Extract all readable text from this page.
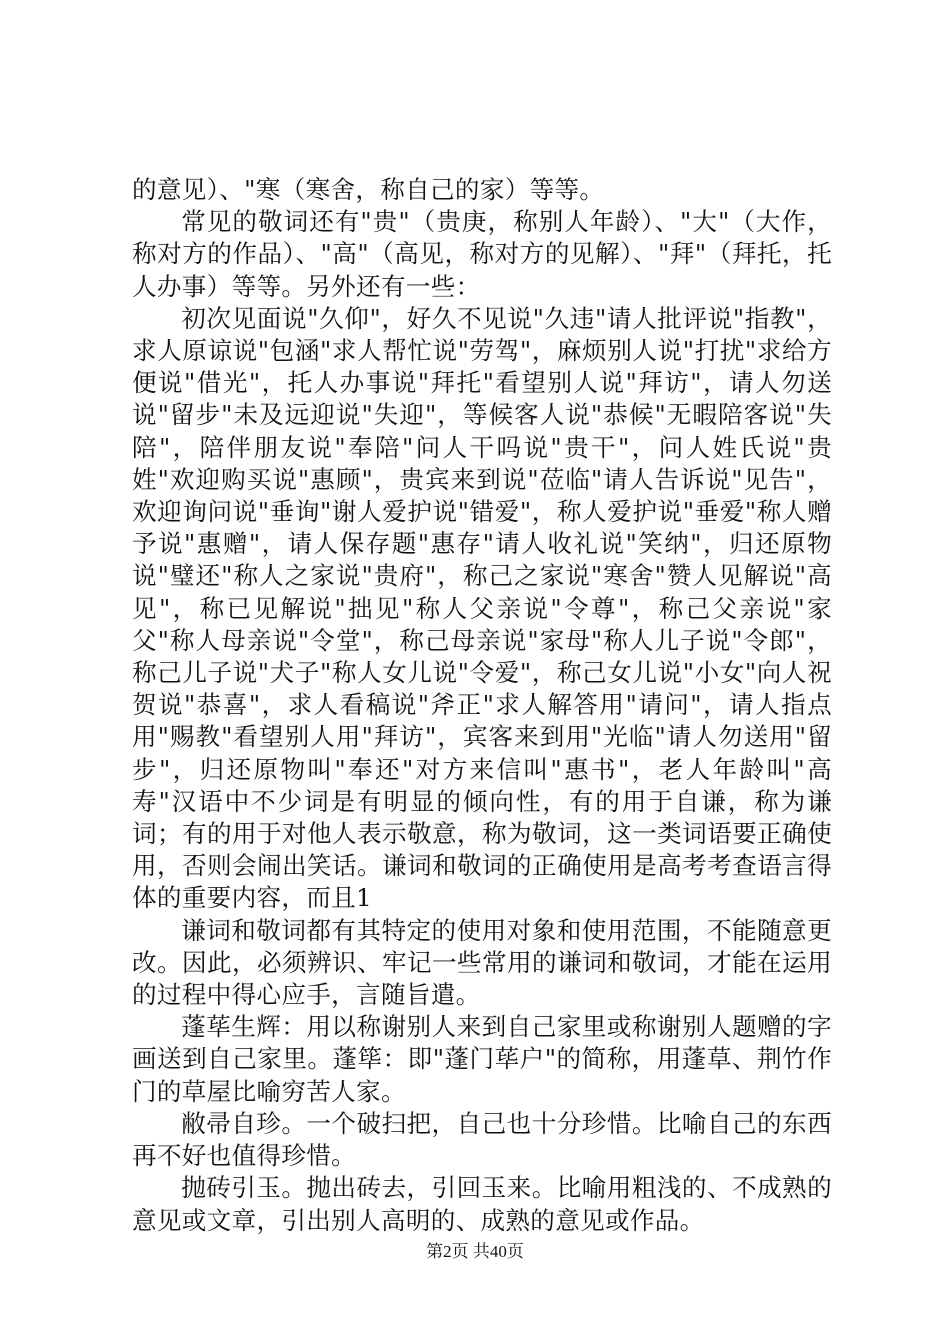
的意见）、"寒（寒舍，称自己的家）等等。

常见的敬词还有"贵"（贵庚，称别人年龄）、"大"（大作，称对方的作品）、"高"（高见，称对方的见解）、"拜"（拜托，托人办事）等等。另外还有一些：

初次见面说"久仰"，好久不见说"久违"请人批评说"指教"，求人原谅说"包涵"求人帮忙说"劳驾"，麻烦别人说"打扰"求给方便说"借光"，托人办事说"拜托"看望别人说"拜访"，请人勿送说"留步"未及远迎说"失迎"，等候客人说"恭候"无暇陪客说"失陪"，陪伴朋友说"奉陪"问人干吗说"贵干"，问人姓氏说"贵姓"欢迎购买说"惠顾"，贵宾来到说"莅临"请人告诉说"见告"，欢迎询问说"垂询"谢人爱护说"错爱"，称人爱护说"垂爱"称人赠予说"惠赠"，请人保存题"惠存"请人收礼说"笑纳"，归还原物说"璧还"称人之家说"贵府"，称己之家说"寒舍"赞人见解说"高见"，称已见解说"拙见"称人父亲说"令尊"，称己父亲说"家父"称人母亲说"令堂"，称己母亲说"家母"称人儿子说"令郎"，称己儿子说"犬子"称人女儿说"令爱"，称己女儿说"小女"向人祝贺说"恭喜"，求人看稿说"斧正"求人解答用"请问"，请人指点用"赐教"看望别人用"拜访"，宾客来到用"光临"请人勿送用"留步"，归还原物叫"奉还"对方来信叫"惠书"，老人年龄叫"高寿"汉语中不少词是有明显的倾向性，有的用于自谦，称为谦词；有的用于对他人表示敬意，称为敬词，这一类词语要正确使用，否则会闹出笑话。谦词和敬词的正确使用是高考考查语言得体的重要内容，而且1

谦词和敬词都有其特定的使用对象和使用范围，不能随意更改。因此，必须辨识、牢记一些常用的谦词和敬词，才能在运用的过程中得心应手，言随旨遣。

蓬荜生辉：用以称谢别人来到自己家里或称谢别人题赠的字画送到自己家里。蓬筚：即"蓬门荜户"的简称，用蓬草、荆竹作门的草屋比喻穷苦人家。

敝帚自珍。一个破扫把，自己也十分珍惜。比喻自己的东西再不好也值得珍惜。

抛砖引玉。抛出砖去，引回玉来。比喻用粗浅的、不成熟的意见或文章，引出别人高明的、成熟的意见或作品。

第2页 共40页
